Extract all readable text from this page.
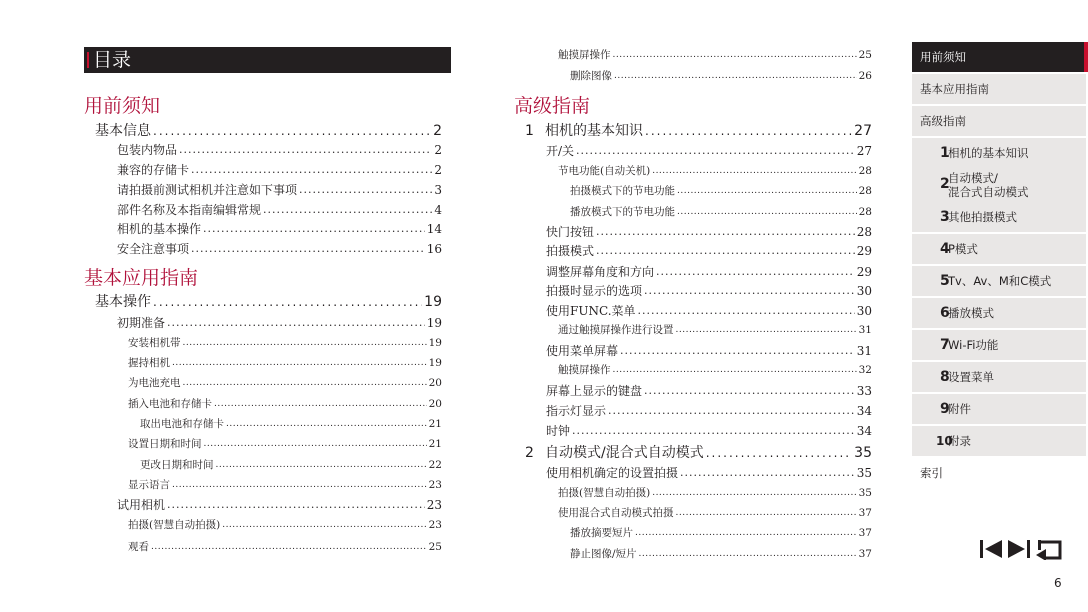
目录
用前须知
基本应用指南
基本信息 .....	2
包装内物品 .....	2
兼容的存储卡 .....	2
请拍摄前测试相机并注意如下事项 .....	3
部件名称及本指南编辑常规 .....	4
相机的基本操作 .....	14
安全注意事项 .....	16
基本操作 .....	19
初期准备 .....	19
安装相机带 .....	19
握持相机 .....	19
为电池充电 .....	20
插入电池和存储卡 .....	20
取出电池和存储卡 .....	21
设置日期和时间 .....	21
更改日期和时间 .....	22
显示语言 .....	23
试用相机 .....	23
拍摄(智慧自动拍摄) .....	23
观看 .....	25
高级指南
触摸屏操作 .....	25
删除图像 .....	26
1 相机的基本知识 .....	27
开/关 .....	27
节电功能(自动关机) .....	28
拍摄模式下的节电功能 .....	28
播放模式下的节电功能 .....	28
快门按钮 .....	28
拍摄模式 .....	29
调整屏幕角度和方向 .....	29
拍摄时显示的选项 .....	30
使用FUNC.菜单 .....	30
通过触摸屏操作进行设置 .....	31
使用菜单屏幕 .....	31
触摸屏操作 .....	32
屏幕上显示的键盘 .....	33
指示灯显示 .....	34
时钟 .....	34
2 自动模式/混合式自动模式 .....	35
使用相机确定的设置拍摄 .....	35
拍摄(智慧自动拍摄) .....	35
使用混合式自动模式拍摄 .....	37
播放摘要短片 .....	37
静止图像/短片 .....	37
用前须知
基本应用指南
高级指南
1
相机的基本知识
2
自动模式/
混合式自动模式
3
其他拍摄模式
4
P模式
5
Tv、Av、M和C模式
6
播放模式
7
Wi-Fi功能
8
设置菜单
9
附件
10
附录
索引
6
